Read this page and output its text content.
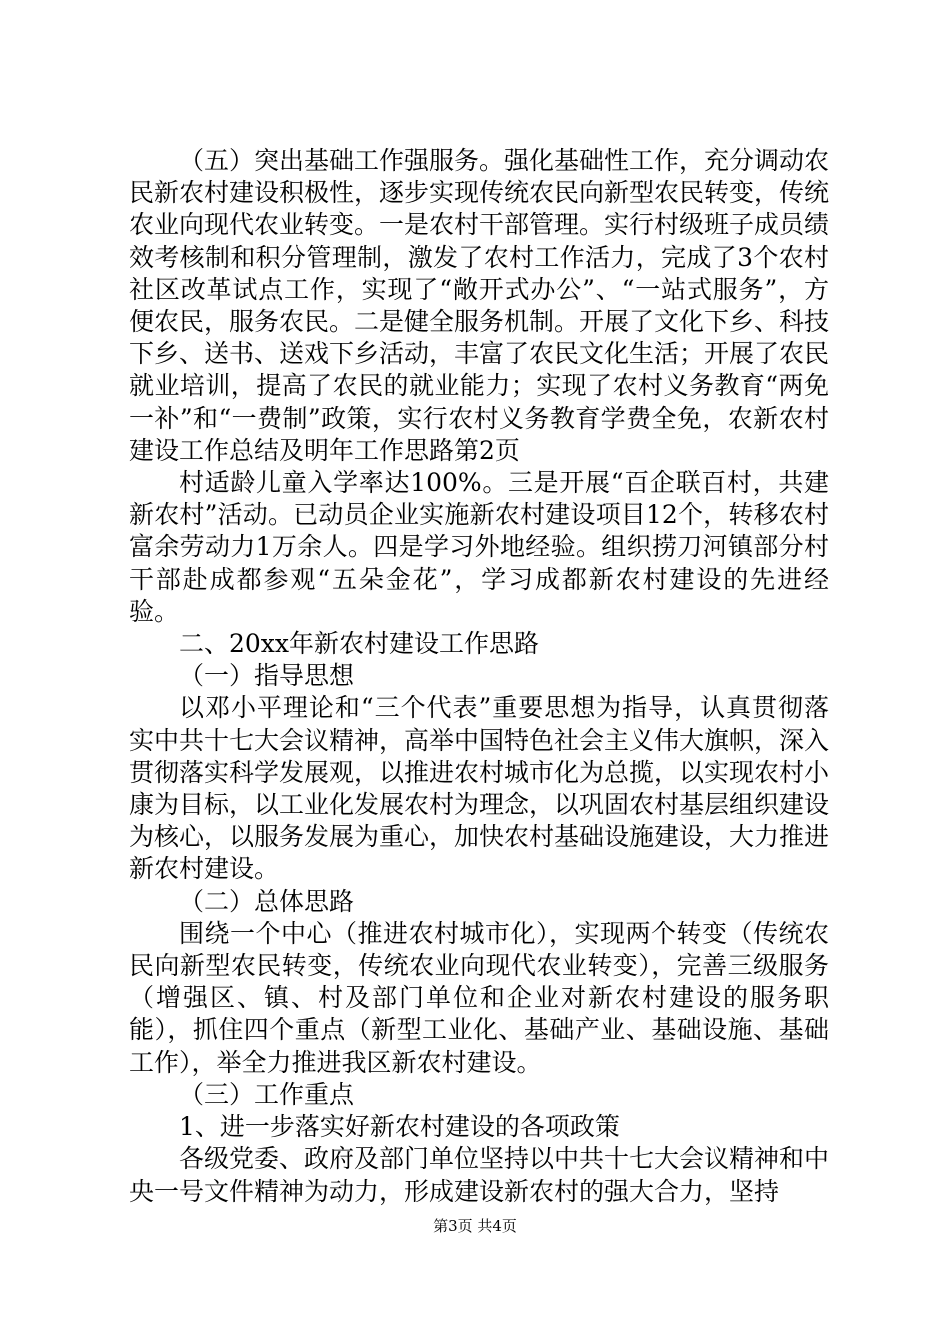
（五）突出基础工作强服务。强化基础性工作，充分调动农民新农村建设积极性，逐步实现传统农民向新型农民转变，传统农业向现代农业转变。一是农村干部管理。实行村级班子成员绩效考核制和积分管理制，激发了农村工作活力，完成了3个农村社区改革试点工作，实现了“敞开式办公”、“一站式服务”，方便农民，服务农民。二是健全服务机制。开展了文化下乡、科技下乡、送书、送戏下乡活动，丰富了农民文化生活；开展了农民就业培训，提高了农民的就业能力；实现了农村义务教育“两免一补”和“一费制”政策，实行农村义务教育学费全免，农新农村建设工作总结及明年工作思路第2页

村适龄儿童入学率达100%。三是开展“百企联百村，共建新农村”活动。已动员企业实施新农村建设项目12个，转移农村富余劳动力1万余人。四是学习外地经验。组织捞刀河镇部分村干部赴成都参观“五朵金花”，学习成都新农村建设的先进经验。

二、20xx年新农村建设工作思路

（一）指导思想

以邓小平理论和“三个代表”重要思想为指导，认真贯彻落实中共十七大会议精神，高举中国特色社会主义伟大旗帜，深入贯彻落实科学发展观，以推进农村城市化为总揽，以实现农村小康为目标，以工业化发展农村为理念，以巩固农村基层组织建设为核心，以服务发展为重心，加快农村基础设施建设，大力推进新农村建设。

（二）总体思路

围绕一个中心（推进农村城市化），实现两个转变（传统农民向新型农民转变，传统农业向现代农业转变），完善三级服务（增强区、镇、村及部门单位和企业对新农村建设的服务职能），抓住四个重点（新型工业化、基础产业、基础设施、基础工作），举全力推进我区新农村建设。

（三）工作重点

1、进一步落实好新农村建设的各项政策

各级党委、政府及部门单位坚持以中共十七大会议精神和中央一号文件精神为动力，形成建设新农村的强大合力，坚持

第3页 共4页
